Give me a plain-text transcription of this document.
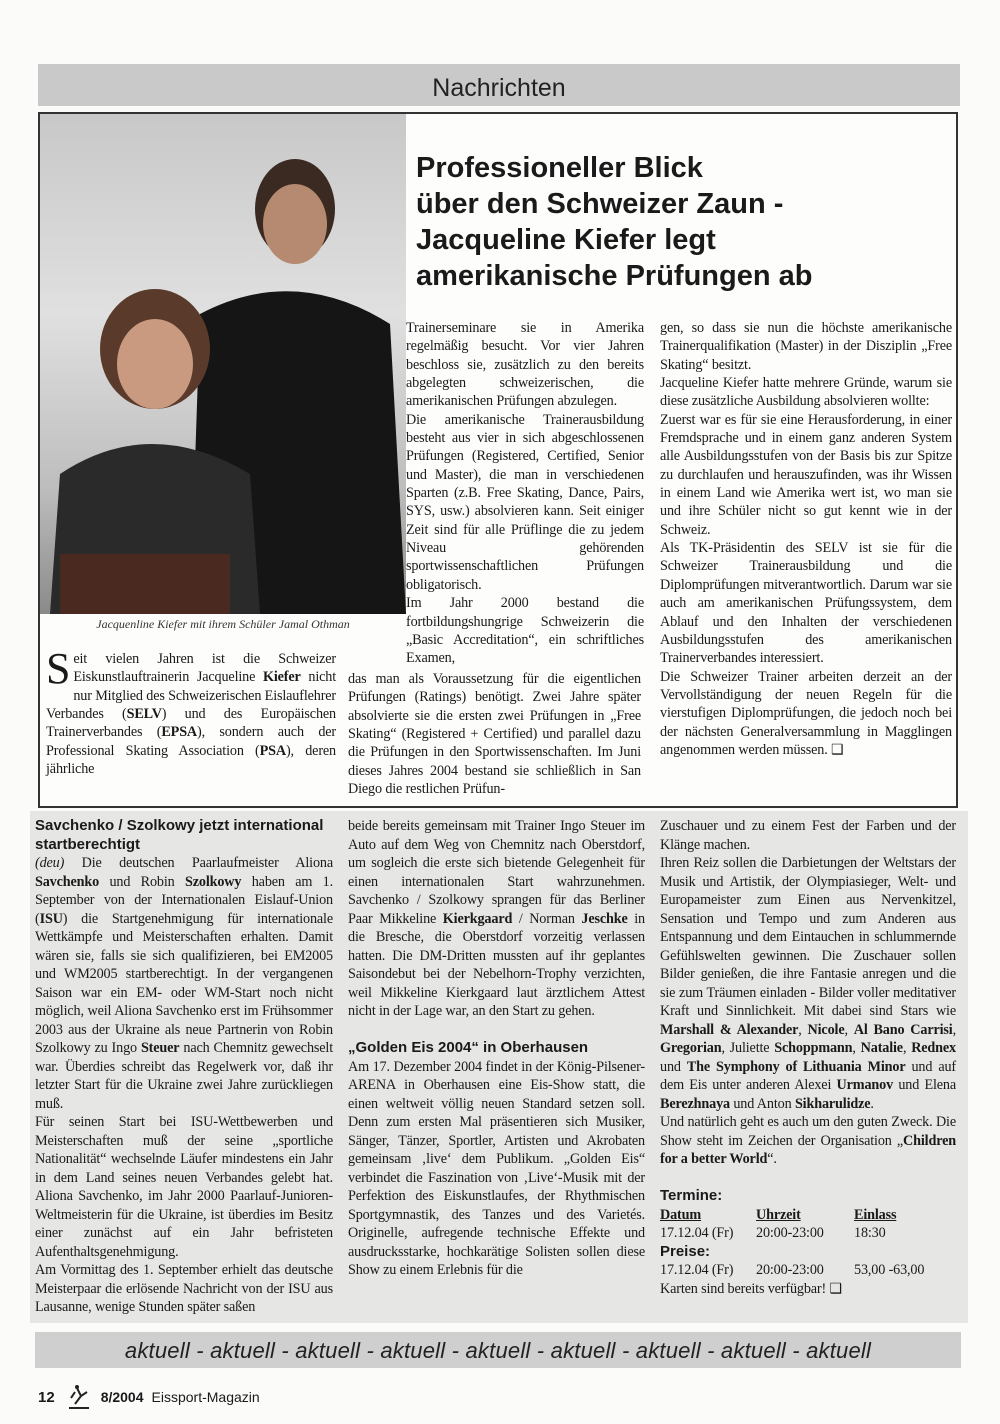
Nachrichten
Jacquenline Kiefer mit ihrem Schüler Jamal Othman
Professioneller Blick
über den Schweizer Zaun -
Jacqueline Kiefer legt
amerikanische Prüfungen ab
S eit vielen Jahren ist die Schweizer Eiskunstlauftrainerin Jacqueline Kiefer nicht nur Mitglied des Schweizerischen Eislauflehrer Verbandes (SELV) und des Europäischen Trainerverbandes (EPSA), sondern auch der Professional Skating Association (PSA), deren jährliche

Trainerseminare sie in Amerika regelmäßig besucht. Vor vier Jahren beschloss sie, zusätzlich zu den bereits abgelegten schweizerischen, die amerikanischen Prüfungen abzulegen.

Die amerikanische Trainerausbildung besteht aus vier in sich abgeschlossenen Prüfungen (Registered, Certified, Senior und Master), die man in verschiedenen Sparten (z.B. Free Skating, Dance, Pairs, SYS, usw.) absolvieren kann. Seit einiger Zeit sind für alle Prüflinge die zu jedem Niveau gehörenden sportwissenschaftlichen Prüfungen obligatorisch.

Im Jahr 2000 bestand die fortbildungshungrige Schweizerin die „Basic Accreditation“, ein schriftliches Examen,

das man als Voraussetzung für die eigentlichen Prüfungen (Ratings) benötigt. Zwei Jahre später absolvierte sie die ersten zwei Prüfungen in „Free Skating“ (Registered + Certified) und parallel dazu die Prüfungen in den Sportwissenschaften. Im Juni dieses Jahres 2004 bestand sie schließlich in San Diego die restlichen Prüfun-

gen, so dass sie nun die höchste amerikanische Trainerqualifikation (Master) in der Disziplin „Free Skating“ besitzt.

Jacqueline Kiefer hatte mehrere Gründe, warum sie diese zusätzliche Ausbildung absolvieren wollte:

Zuerst war es für sie eine Herausforderung, in einer Fremdsprache und in einem ganz anderen System alle Ausbildungsstufen von der Basis bis zur Spitze zu durchlaufen und herauszufinden, was ihr Wissen in einem Land wie Amerika wert ist, wo man sie und ihre Schüler nicht so gut kennt wie in der Schweiz.

Als TK-Präsidentin des SELV ist sie für die Schweizer Trainerausbildung und die Diplomprüfungen mitverantwortlich. Darum war sie auch am amerikanischen Prüfungssystem, dem Ablauf und den Inhalten der verschiedenen Ausbildungsstufen des amerikanischen Trainerverbandes interessiert.

Die Schweizer Trainer arbeiten derzeit an der Vervollständigung der neuen Regeln für die vierstufigen Diplomprüfungen, die jedoch noch bei der nächsten Generalversammlung in Magglingen angenommen werden müssen. ❑

Savchenko / Szolkowy jetzt international startberechtigt

(deu) Die deutschen Paarlaufmeister Aliona Savchenko und Robin Szolkowy haben am 1. September von der Internationalen Eislauf-Union (ISU) die Startgenehmigung für internationale Wettkämpfe und Meisterschaften erhalten. Damit wären sie, falls sie sich qualifizieren, bei EM2005 und WM2005 startberechtigt. In der vergangenen Saison war ein EM- oder WM-Start noch nicht möglich, weil Aliona Savchenko erst im Frühsommer 2003 aus der Ukraine als neue Partnerin von Robin Szolkowy zu Ingo Steuer nach Chemnitz gewechselt war. Überdies schreibt das Regelwerk vor, daß ihr letzter Start für die Ukraine zwei Jahre zurückliegen muß.

Für seinen Start bei ISU-Wettbewerben und Meisterschaften muß der seine „sportliche Nationalität“ wechselnde Läufer mindestens ein Jahr in dem Land seines neuen Verbandes gelebt hat. Aliona Savchenko, im Jahr 2000 Paarlauf-Junioren-Weltmeisterin für die Ukraine, ist überdies im Besitz einer zunächst auf ein Jahr befristeten Aufenthaltsgenehmigung.

Am Vormittag des 1. September erhielt das deutsche Meisterpaar die erlösende Nachricht von der ISU aus Lausanne, wenige Stunden später saßen

beide bereits gemeinsam mit Trainer Ingo Steuer im Auto auf dem Weg von Chemnitz nach Oberstdorf, um sogleich die erste sich bietende Gelegenheit für einen internationalen Start wahrzunehmen. Savchenko / Szolkowy sprangen für das Berliner Paar Mikkeline Kierkgaard / Norman Jeschke in die Bresche, die Oberstdorf vorzeitig verlassen hatten. Die DM-Dritten mussten auf ihr geplantes Saisondebut bei der Nebelhorn-Trophy verzichten, weil Mikkeline Kierkgaard laut ärztlichem Attest nicht in der Lage war, an den Start zu gehen.

„Golden Eis 2004“ in Oberhausen

Am 17. Dezember 2004 findet in der König-Pilsener-ARENA in Oberhausen eine Eis-Show statt, die einen weltweit völlig neuen Standard setzen soll. Denn zum ersten Mal präsentieren sich Musiker, Sänger, Tänzer, Sportler, Artisten und Akrobaten gemeinsam ‚live‘ dem Publikum. „Golden Eis“ verbindet die Faszination von ‚Live‘-Musik mit der Perfektion des Eiskunstlaufes, der Rhythmischen Sportgymnastik, des Tanzes und des Varietés. Originelle, aufregende technische Effekte und ausdrucksstarke, hochkarätige Solisten sollen diese Show zu einem Erlebnis für die

Zuschauer und zu einem Fest der Farben und der Klänge machen.

Ihren Reiz sollen die Darbietungen der Weltstars der Musik und Artistik, der Olympiasieger, Welt- und Europameister zum Einen aus Nervenkitzel, Sensation und Tempo und zum Anderen aus Entspannung und dem Eintauchen in schlummernde Gefühlswelten gewinnen. Die Zuschauer sollen Bilder genießen, die ihre Fantasie anregen und die sie zum Träumen einladen - Bilder voller meditativer Kraft und Sinnlichkeit. Mit dabei sind Stars wie Marshall & Alexander, Nicole, Al Bano Carrisi, Gregorian, Juliette Schoppmann, Natalie, Rednex und The Symphony of Lithuania Minor und auf dem Eis unter anderen Alexei Urmanov und Elena Berezhnaya und Anton Sikharulidze.

Und natürlich geht es auch um den guten Zweck. Die Show steht im Zeichen der Organisation „Children for a better World“.

Termine:
Datum	Uhrzeit	Einlass
17.12.04 (Fr)	20:00-23:00	18:30
Preise:
17.12.04 (Fr)	20:00-23:00	53,00 -63,00
Karten sind bereits verfügbar! ❑
aktuell - aktuell - aktuell - aktuell - aktuell - aktuell - aktuell - aktuell - aktuell
12	8/2004 Eissport-Magazin
